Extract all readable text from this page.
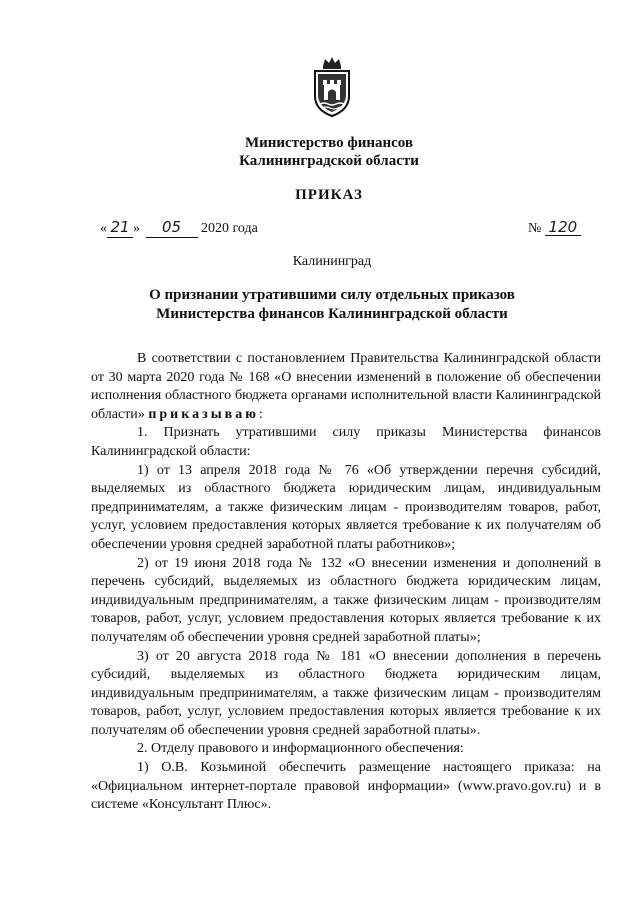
Министерство финансов
Калининградской области
ПРИКАЗ
« 21 » 05 2020 года	№ 120
Калининград
О признании утратившими силу отдельных приказов
Министерства финансов Калининградской области

В соответствии с постановлением Правительства Калининградской области от 30 марта 2020 года № 168 «О внесении изменений в положение об обеспечении исполнения областного бюджета органами исполнительной власти Калининградской области» приказываю:

1. Признать утратившими силу приказы Министерства финансов Калининградской области:

1) от 13 апреля 2018 года № 76 «Об утверждении перечня субсидий, выделяемых из областного бюджета юридическим лицам, индивидуальным предпринимателям, а также физическим лицам - производителям товаров, работ, услуг, условием предоставления которых является требование к их получателям об обеспечении уровня средней заработной платы работников»;

2) от 19 июня 2018 года № 132 «О внесении изменения и дополнений в перечень субсидий, выделяемых из областного бюджета юридическим лицам, индивидуальным предпринимателям, а также физическим лицам - производителям товаров, работ, услуг, условием предоставления которых является требование к их получателям об обеспечении уровня средней заработной платы»;

3) от 20 августа 2018 года № 181 «О внесении дополнения в перечень субсидий, выделяемых из областного бюджета юридическим лицам, индивидуальным предпринимателям, а также физическим лицам - производителям товаров, работ, услуг, условием предоставления которых является требование к их получателям об обеспечении уровня средней заработной платы».

2. Отделу правового и информационного обеспечения:

1) О.В. Козьминой обеспечить размещение настоящего приказа: на «Официальном интернет-портале правовой информации» (www.pravo.gov.ru) и в системе «Консультант Плюс».
